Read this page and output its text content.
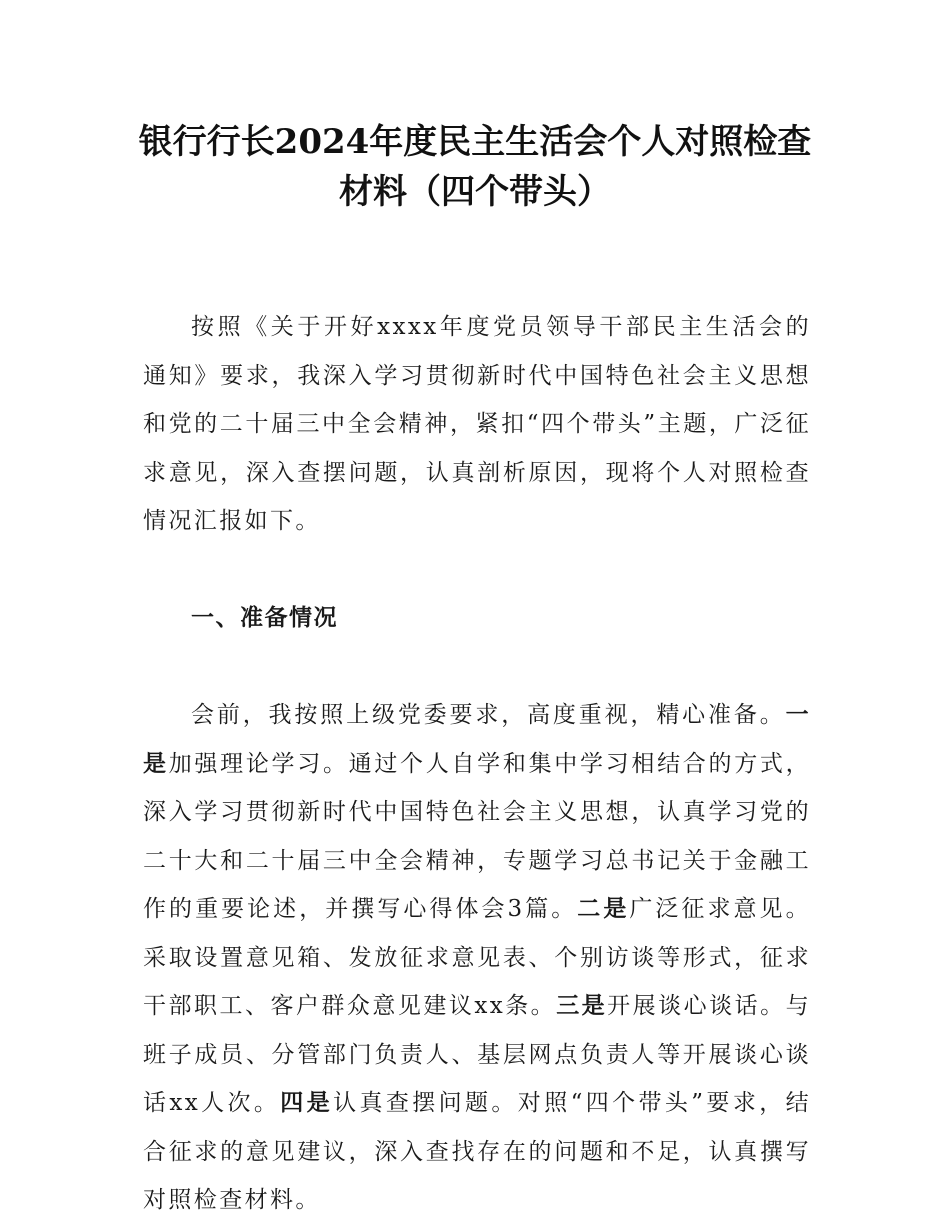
银行行长2024年度民主生活会个人对照检查
材料（四个带头）

按照《关于开好xxxx年度党员领导干部民主生活会的通知》要求，我深入学习贯彻新时代中国特色社会主义思想和党的二十届三中全会精神，紧扣“四个带头”主题，广泛征求意见，深入查摆问题，认真剖析原因，现将个人对照检查情况汇报如下。

一、准备情况

会前，我按照上级党委要求，高度重视，精心准备。一是加强理论学习。通过个人自学和集中学习相结合的方式，深入学习贯彻新时代中国特色社会主义思想，认真学习党的二十大和二十届三中全会精神，专题学习总书记关于金融工作的重要论述，并撰写心得体会3篇。二是广泛征求意见。采取设置意见箱、发放征求意见表、个别访谈等形式，征求干部职工、客户群众意见建议xx条。三是开展谈心谈话。与班子成员、分管部门负责人、基层网点负责人等开展谈心谈话xx人次。四是认真查摆问题。对照“四个带头”要求，结合征求的意见建议，深入查找存在的问题和不足，认真撰写对照检查材料。
